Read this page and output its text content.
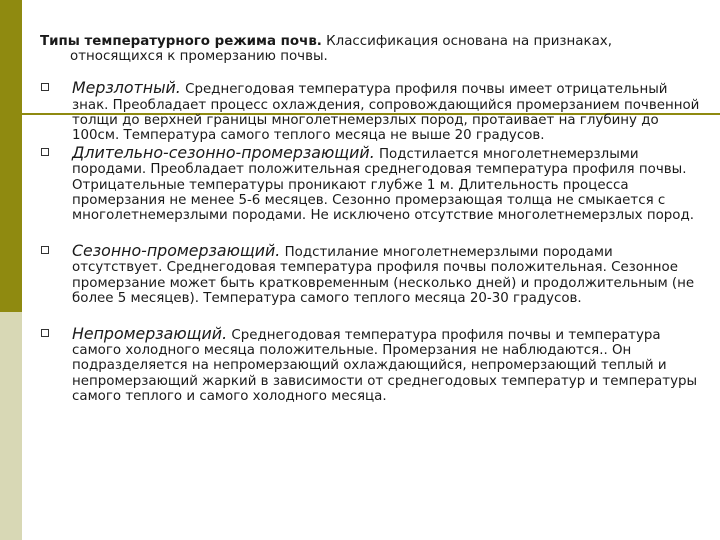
Типы температурного режима почв. Классификация основана на признаках, относящихся к промерзанию почвы.

Мерзлотный. Среднегодовая температура профиля почвы имеет отрицательный знак. Преобладает процесс охлаждения, сопровождающийся промерзанием почвенной толщи до верхней границы многолетнемерзлых пород, протаивает на глубину до 100см. Температура самого теплого месяца не выше 20 градусов.
Длительно-сезонно-промерзающий. Подстилается многолетнемерзлыми породами. Преобладает положительная среднегодовая температура профиля почвы. Отрицательные температуры проникают глубже 1 м. Длительность процесса промерзания не менее 5-6 месяцев. Сезонно промерзающая толща не смыкается с многолетнемерзлыми породами. Не исключено отсутствие многолетнемерзлых пород.
Сезонно-промерзающий. Подстилание многолетнемерзлыми породами отсутствует. Среднегодовая температура профиля почвы положительная. Сезонное промерзание может быть кратковременным (несколько дней) и продолжительным (не более 5 месяцев). Температура самого теплого месяца 20-30 градусов.
Непромерзающий. Среднегодовая температура профиля почвы и температура самого холодного месяца положительные. Промерзания не наблюдаются.. Он подразделяется на непромерзающий охлаждающийся, непромерзающий теплый и непромерзающий жаркий в зависимости от среднегодовых температур и температуры самого теплого и самого холодного месяца.
